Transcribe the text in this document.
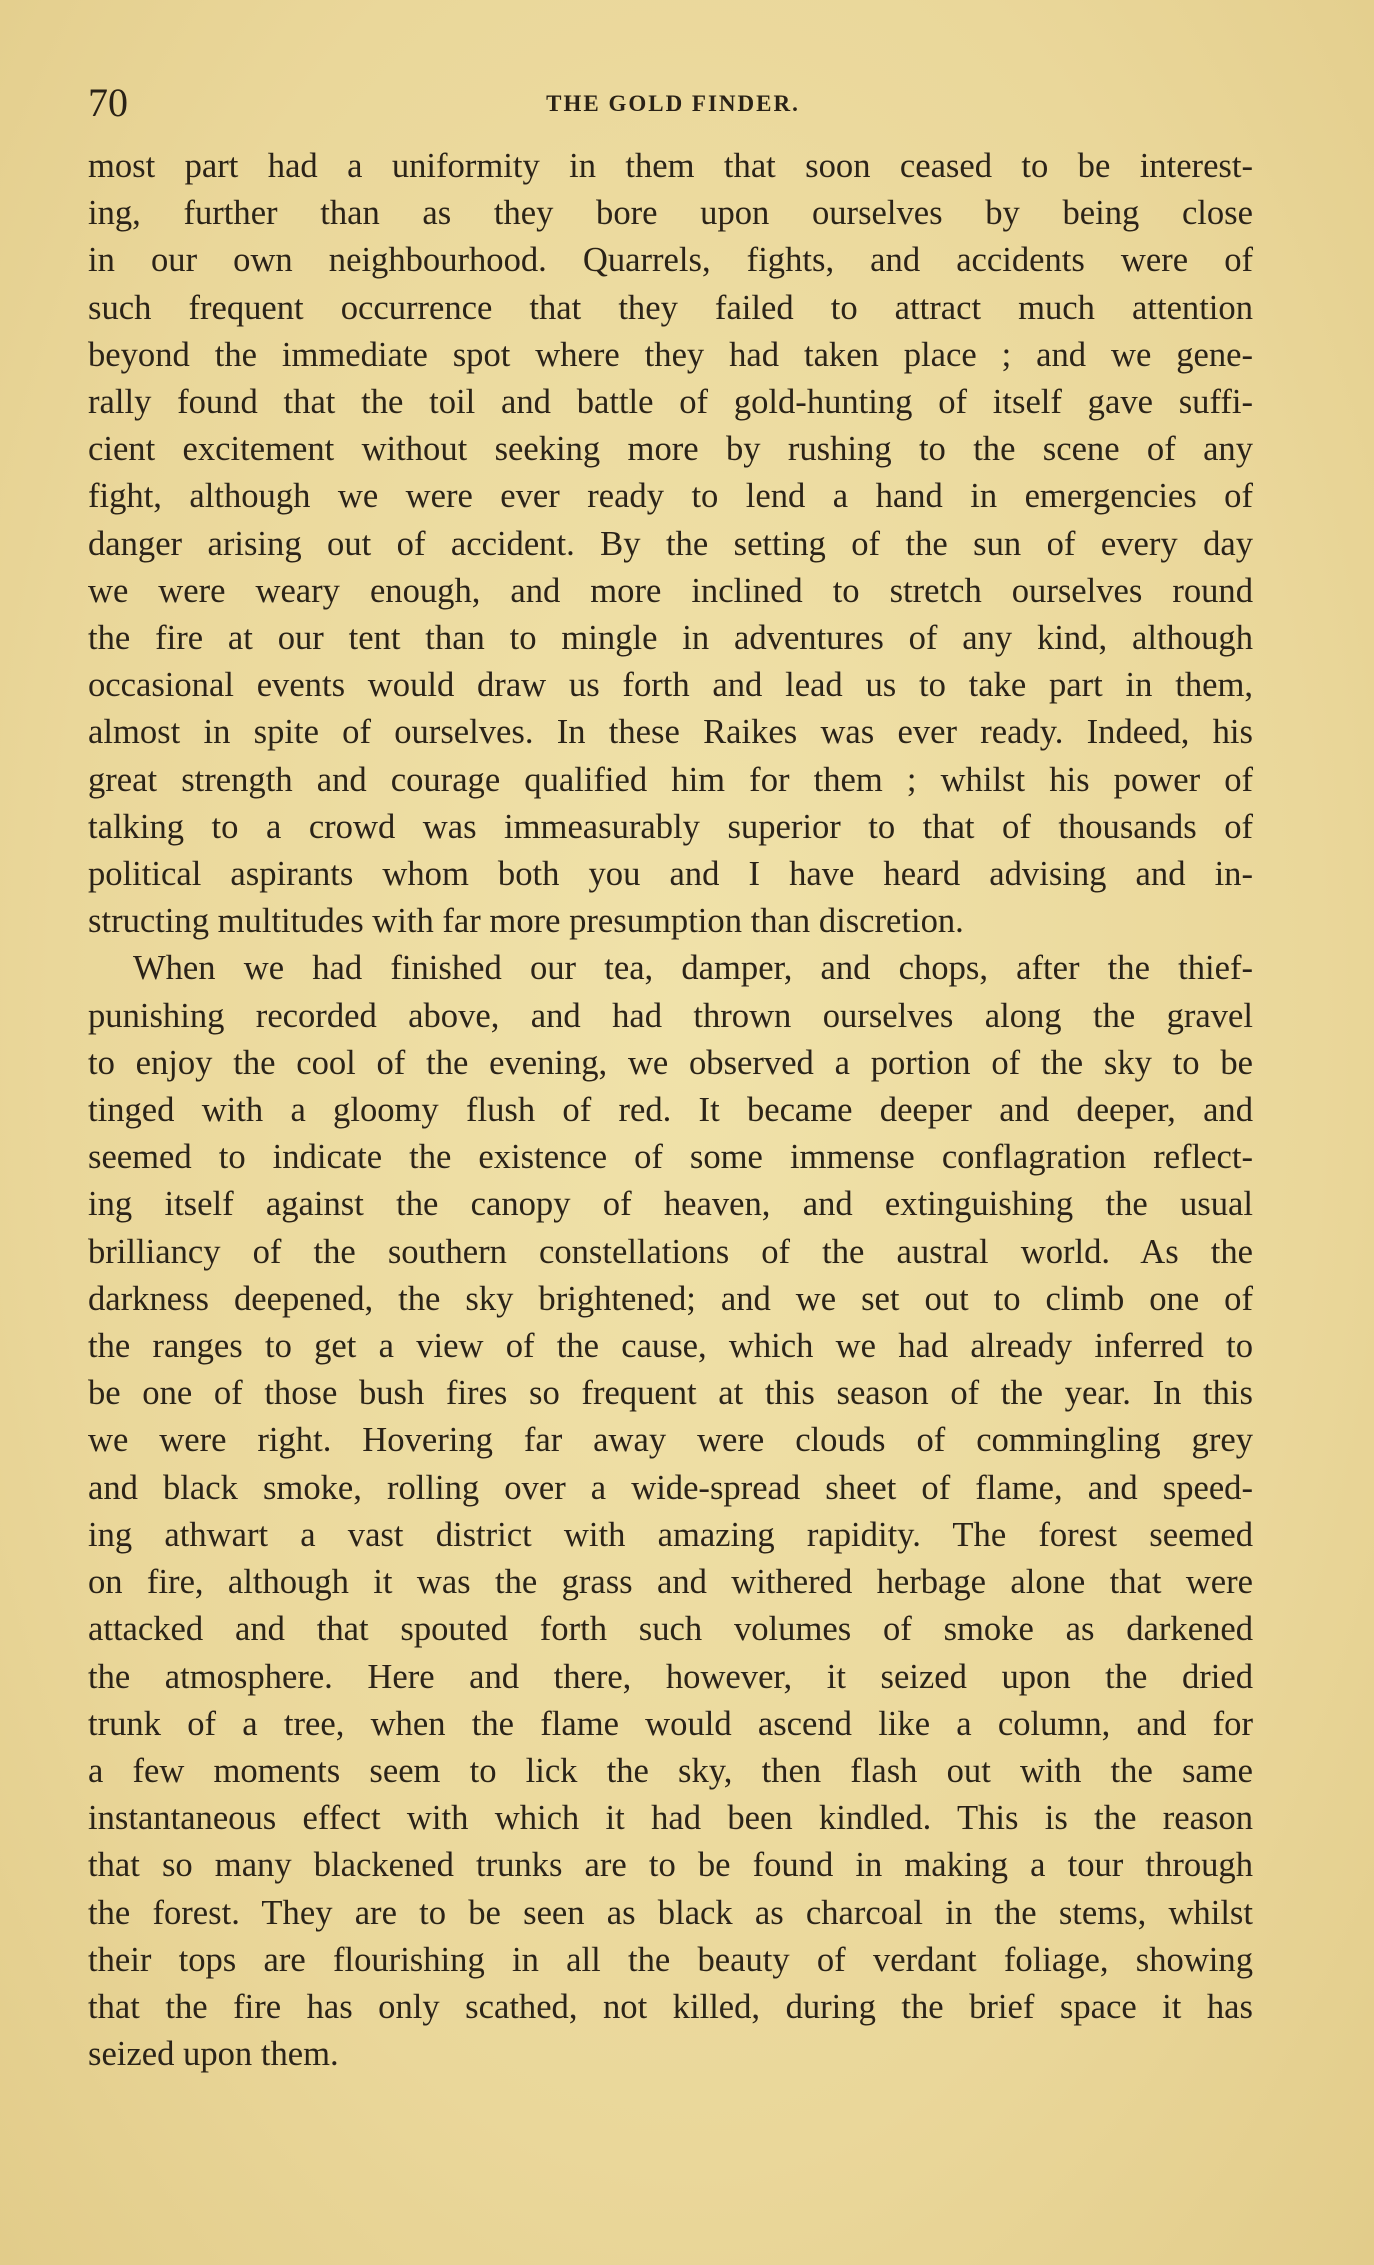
70	THE GOLD FINDER.
most part had a uniformity in them that soon ceased to be interest-
ing, further than as they bore upon ourselves by being close
in our own neighbourhood. Quarrels, fights, and accidents were of
such frequent occurrence that they failed to attract much attention
beyond the immediate spot where they had taken place ; and we gene-
rally found that the toil and battle of gold-hunting of itself gave suffi-
cient excitement without seeking more by rushing to the scene of any
fight, although we were ever ready to lend a hand in emergencies of
danger arising out of accident. By the setting of the sun of every day
we were weary enough, and more inclined to stretch ourselves round
the fire at our tent than to mingle in adventures of any kind, although
occasional events would draw us forth and lead us to take part in them,
almost in spite of ourselves. In these Raikes was ever ready. Indeed, his
great strength and courage qualified him for them ; whilst his power of
talking to a crowd was immeasurably superior to that of thousands of
political aspirants whom both you and I have heard advising and in-
structing multitudes with far more presumption than discretion.
When we had finished our tea, damper, and chops, after the thief-
punishing recorded above, and had thrown ourselves along the gravel
to enjoy the cool of the evening, we observed a portion of the sky to be
tinged with a gloomy flush of red. It became deeper and deeper, and
seemed to indicate the existence of some immense conflagration reflect-
ing itself against the canopy of heaven, and extinguishing the usual
brilliancy of the southern constellations of the austral world. As the
darkness deepened, the sky brightened; and we set out to climb one of
the ranges to get a view of the cause, which we had already inferred to
be one of those bush fires so frequent at this season of the year. In this
we were right. Hovering far away were clouds of commingling grey
and black smoke, rolling over a wide-spread sheet of flame, and speed-
ing athwart a vast district with amazing rapidity. The forest seemed
on fire, although it was the grass and withered herbage alone that were
attacked and that spouted forth such volumes of smoke as darkened
the atmosphere. Here and there, however, it seized upon the dried
trunk of a tree, when the flame would ascend like a column, and for
a few moments seem to lick the sky, then flash out with the same
instantaneous effect with which it had been kindled. This is the reason
that so many blackened trunks are to be found in making a tour through
the forest. They are to be seen as black as charcoal in the stems, whilst
their tops are flourishing in all the beauty of verdant foliage, showing
that the fire has only scathed, not killed, during the brief space it has
seized upon them.
